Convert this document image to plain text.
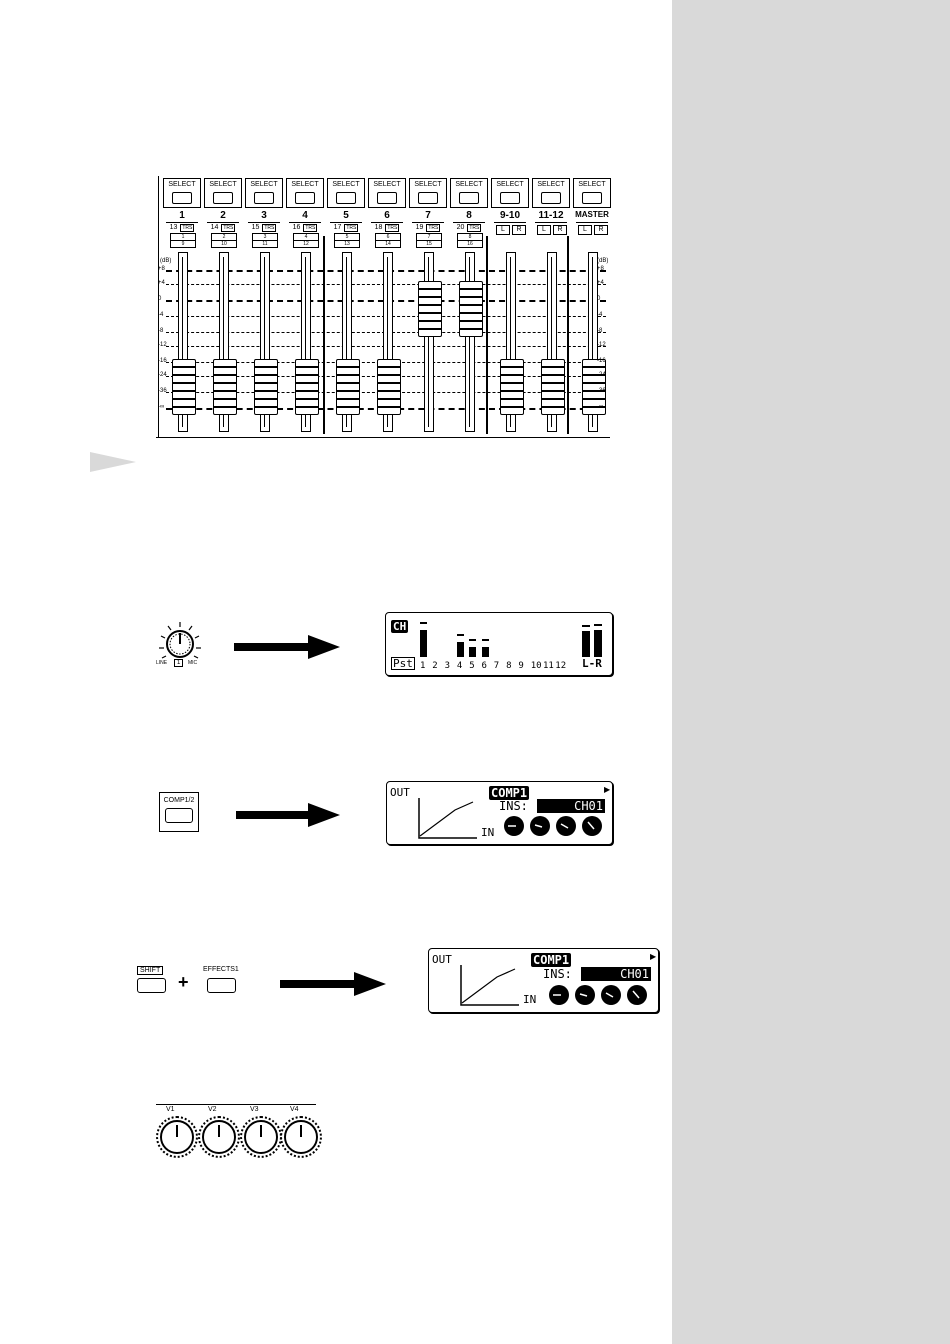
SELECT
1
13 TRS
1
9
SELECT
2
14 TRS
2
10
SELECT
3
15 TRS
3
11
SELECT
4
16 TRS
4
12
SELECT
5
17 TRS
5
13
SELECT
6
18 TRS
6
14
SELECT
7
19 TRS
7
15
SELECT
8
20 TRS
8
16
SELECT
9-10
L	R
SELECT
11-12
L	R
SELECT
MASTER
L	R
(dB)	(dB)
+8	+8
+4	+4
0	0
-4	-4
-8	-8
-12	-12
-16	-16
-24	-24
-36	-36
-∞	-∞
LINE	1	MIC
CH
Pst 1 2 3 4 5 6 7 8 9 10 11 12 L-R
COMP1/2
OUT
IN
COMP1	▶
INS:	CH01
SHIFT
+
EFFECTS1
OUT
IN
COMP1	▶
INS:	CH01
V1	V2	V3	V4
